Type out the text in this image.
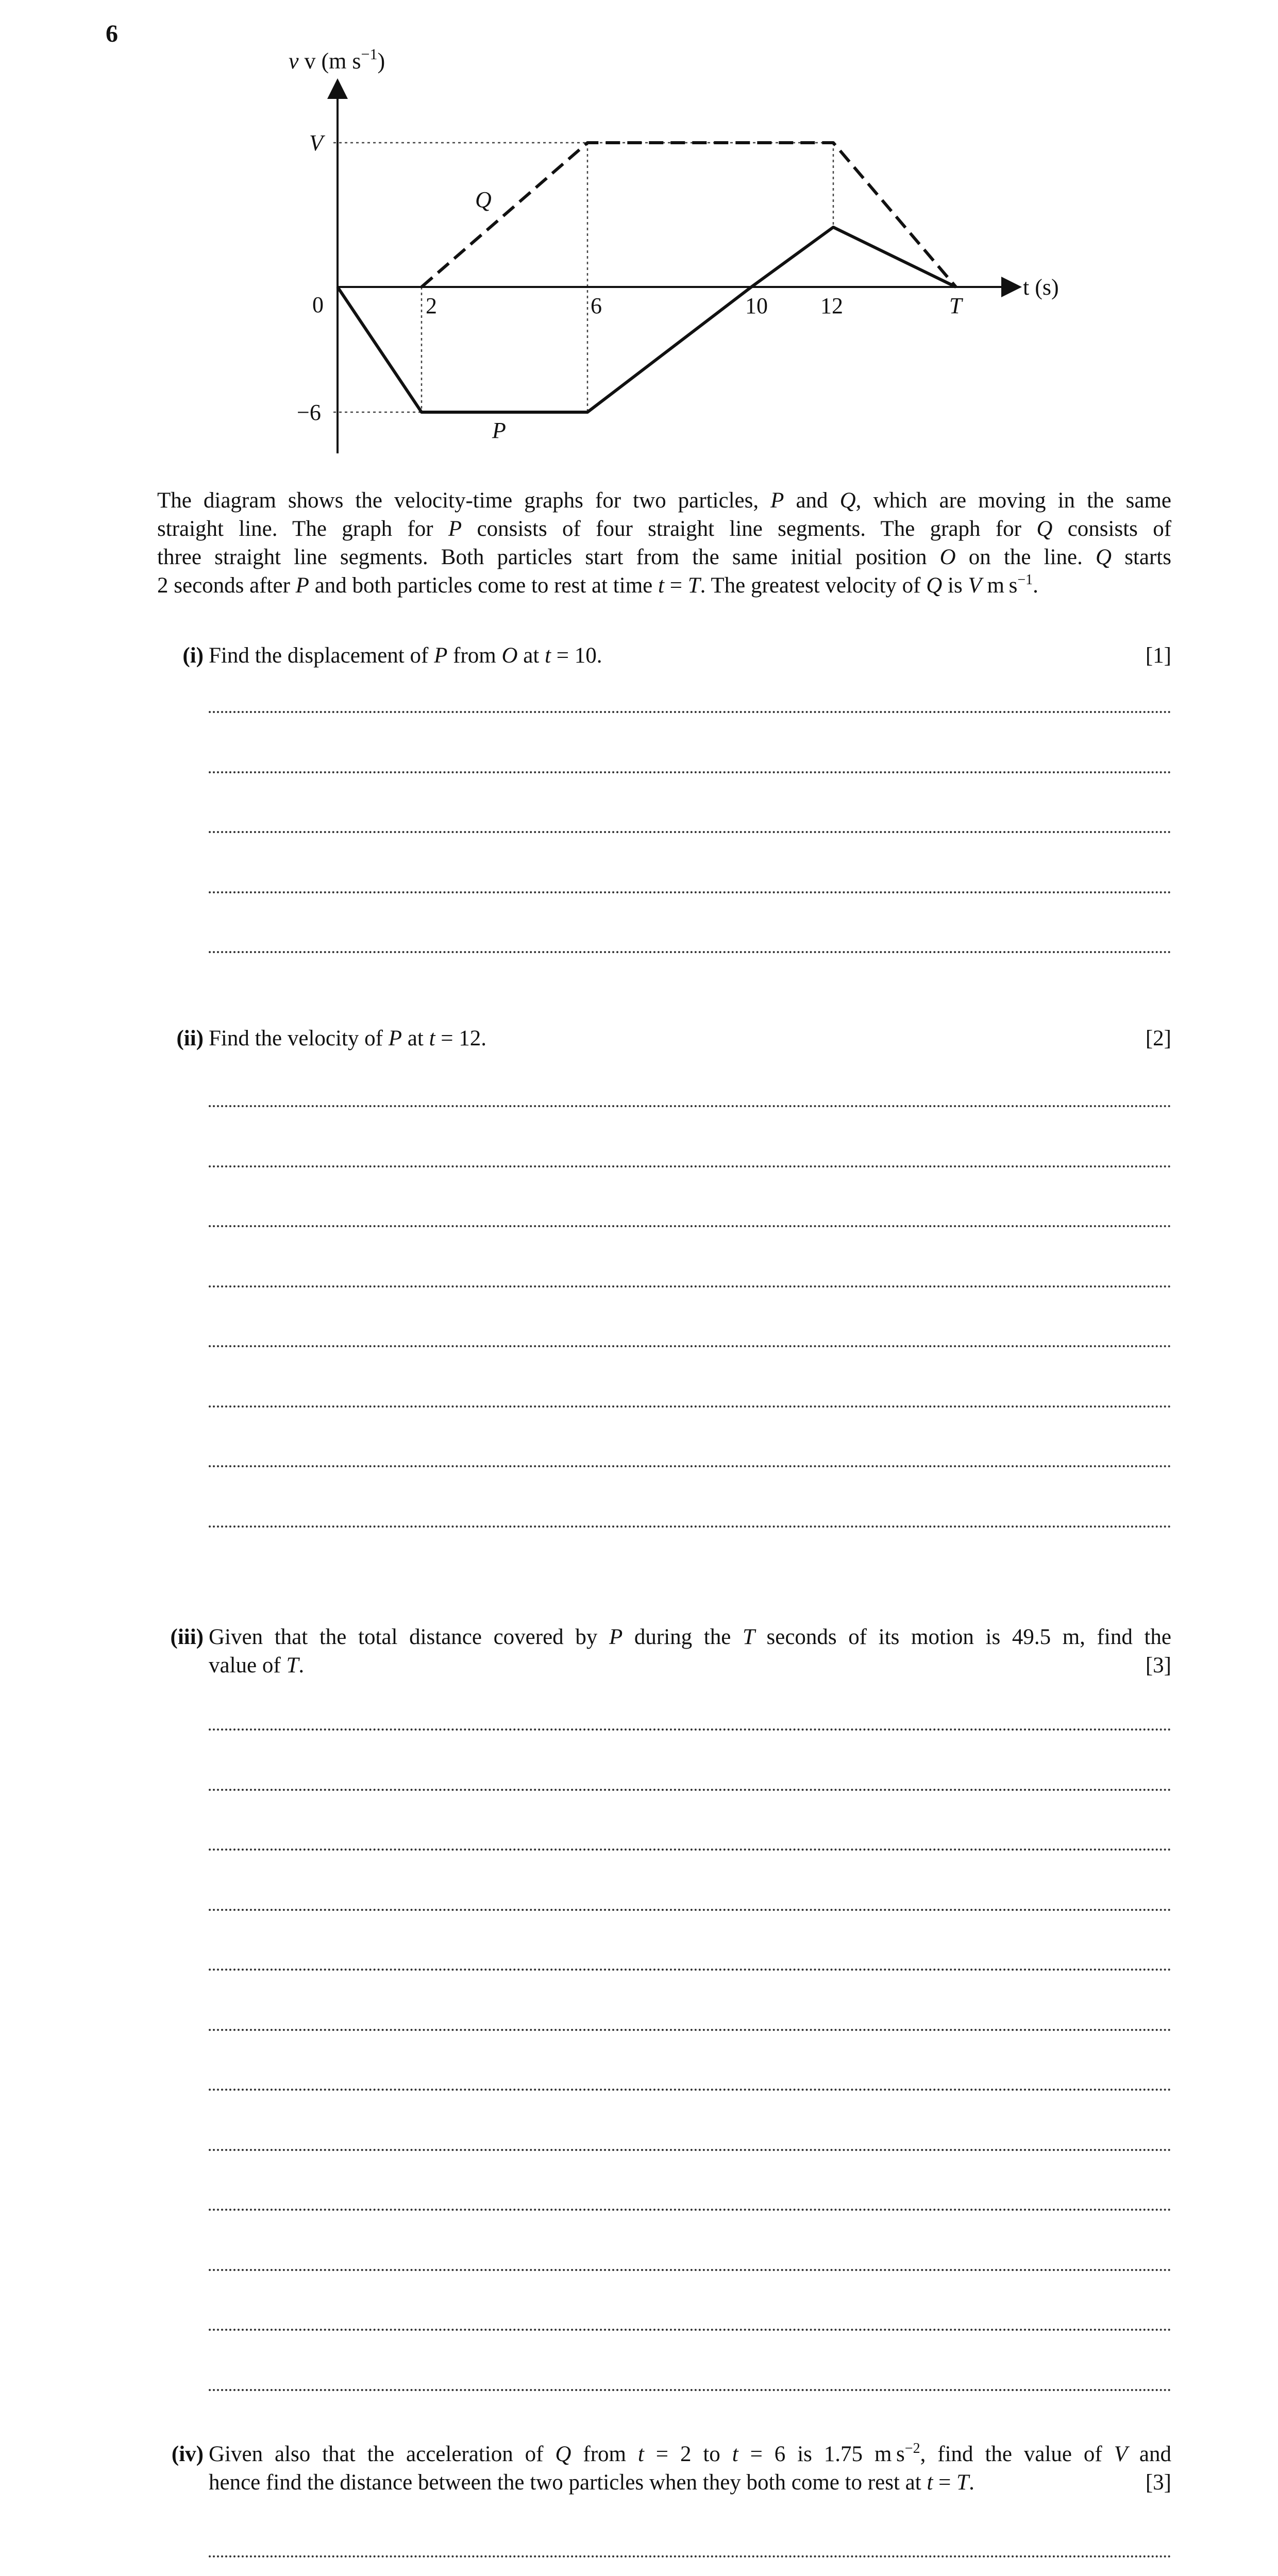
6
v v (m $s^{-1}$)
t (s)
0
V
−6
2	6	10 12	T
Q
P
The diagram shows the velocity-time graphs for two particles, P and Q, which are moving in the same
straight line. The graph for P consists of four straight line segments. The graph for Q consists of
three straight line segments. Both particles start from the same initial position O on the line. Q starts
2 seconds after P and both particles come to rest at time t = T. The greatest velocity of Q is V m $s^{-1}$.
(i) Find the displacement of P from O at t = 10.	[1]
(ii) Find the velocity of P at t = 12.	[2]
(iii) Given that the total distance covered by P during the T seconds of its motion is 49.5 m, find the
value of T.	[3]
(iv) Given also that the acceleration of Q from t = 2 to t = 6 is 1.75 m $s^{-2}$, find the value of V and
hence find the distance between the two particles when they both come to rest at t = T.	[3]
